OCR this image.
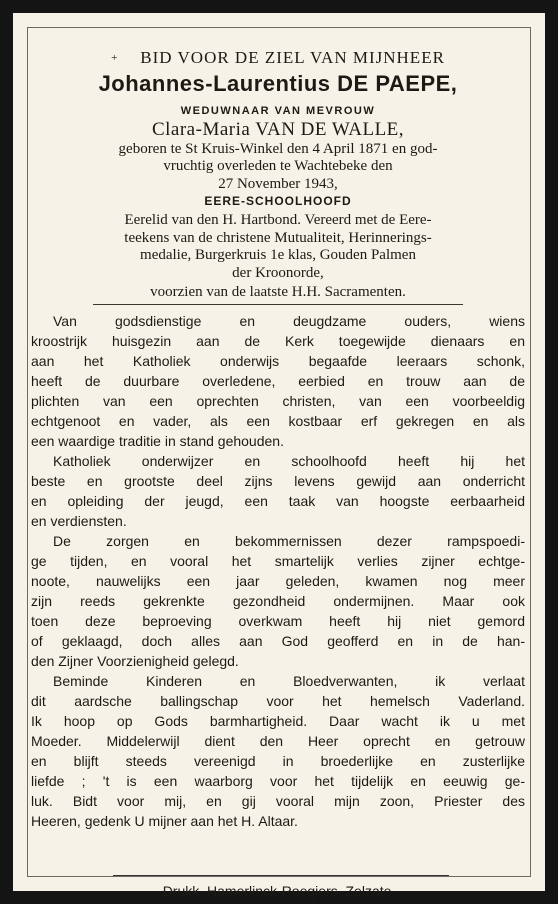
+ BID VOOR DE ZIEL VAN MIJNHEER
Johannes-Laurentius DE PAEPE,
WEDUWNAAR VAN MEVROUW
Clara-Maria VAN DE WALLE,
geboren te St Kruis-Winkel den 4 April 1871 en god-
vruchtig overleden te Wachtebeke den
27 November 1943,
EERE-SCHOOLHOOFD
Eerelid van den H. Hartbond. Vereerd met de Eere-
teekens van de christene Mutualiteit, Herinnerings-
medalie, Burgerkruis 1e klas, Gouden Palmen
der Kroonorde,
voorzien van de laatste H.H. Sacramenten.
Van godsdienstige en deugdzame ouders, wiens
kroostrijk huisgezin aan de Kerk toegewijde dienaars en
aan het Katholiek onderwijs begaafde leeraars schonk,
heeft de duurbare overledene, eerbied en trouw aan de
plichten van een oprechten christen, van een voorbeeldig
echtgenoot en vader, als een kostbaar erf gekregen en als
een waardige traditie in stand gehouden.
Katholiek onderwijzer en schoolhoofd heeft hij het
beste en grootste deel zijns levens gewijd aan onderricht
en opleiding der jeugd, een taak van hoogste eerbaarheid
en verdiensten.
De zorgen en bekommernissen dezer rampspoedi-
ge tijden, en vooral het smartelijk verlies zijner echtge-
noote, nauwelijks een jaar geleden, kwamen nog meer
zijn reeds gekrenkte gezondheid ondermijnen. Maar ook
toen deze beproeving overkwam heeft hij niet gemord
of geklaagd, doch alles aan God geofferd en in de han-
den Zijner Voorzienigheid gelegd.
Beminde Kinderen en Bloedverwanten, ik verlaat
dit aardsche ballingschap voor het hemelsch Vaderland.
Ik hoop op Gods barmhartigheid. Daar wacht ik u met
Moeder. Middelerwijl dient den Heer oprecht en getrouw
en blijft steeds vereenigd in broederlijke en zusterlijke
liefde ; 't is een waarborg voor het tijdelijk en eeuwig ge-
luk. Bidt voor mij, en gij vooral mijn zoon, Priester des
Heeren, gedenk U mijner aan het H. Altaar.
Drukk. Hamerlinck-Roegiers, Zelzate.
